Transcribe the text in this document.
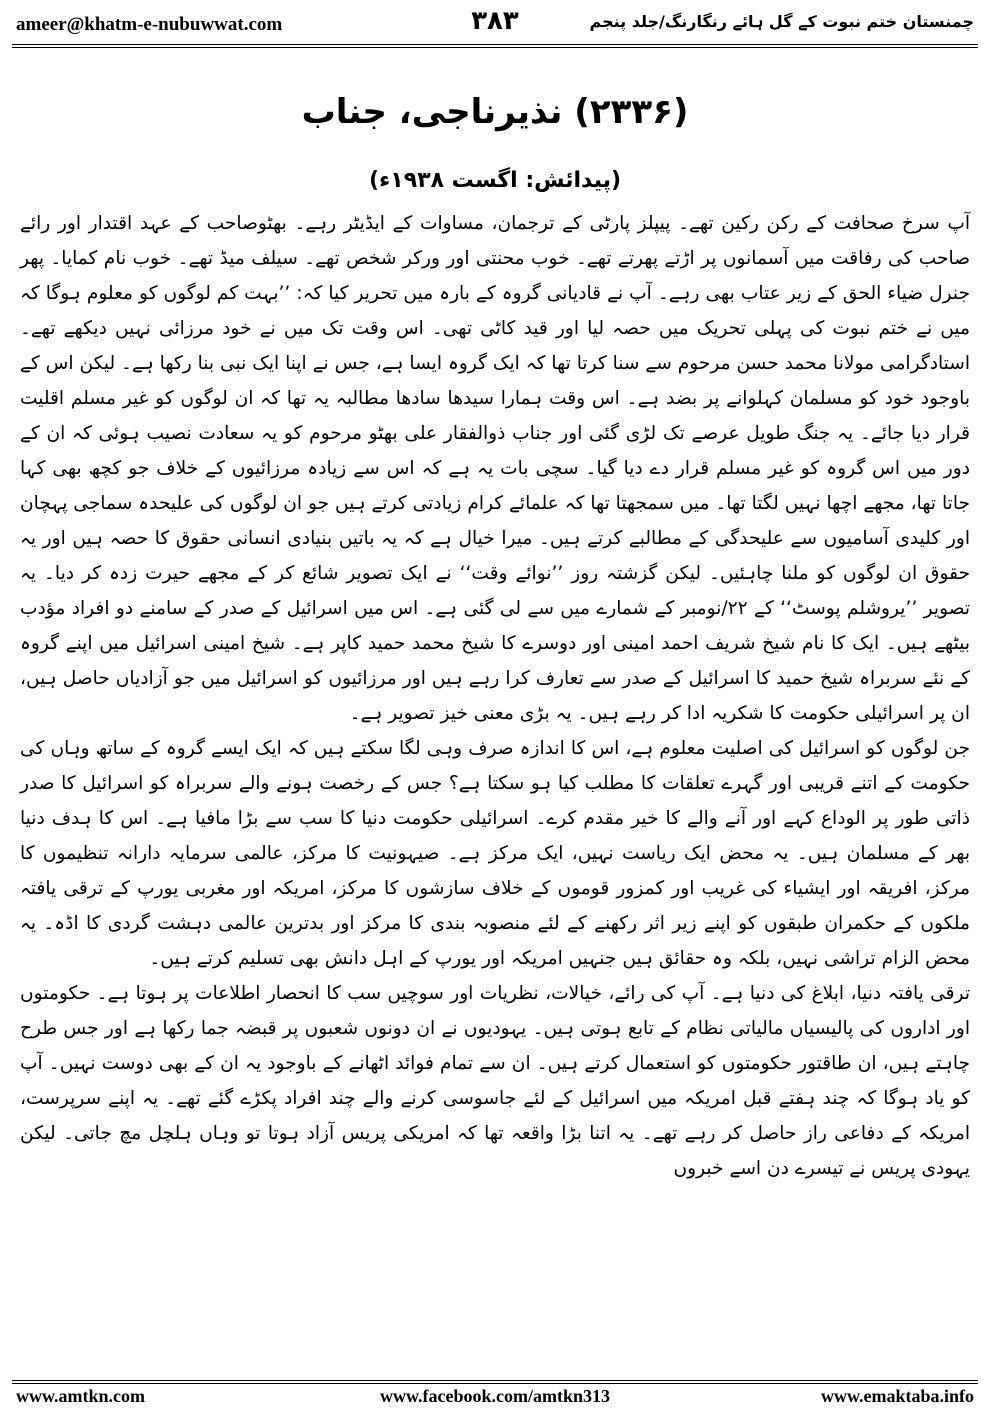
ameer@khatm-e-nubuwwat.com	۳۸۳	چمنستان ختم نبوت کے گل ہائے رنگارنگ/جلد پنجم
(۲۳۳۶) نذیرناجی، جناب
(پیدائش: اگست ۱۹۳۸ء)

آپ سرخ صحافت کے رکن رکین تھے۔ پیپلز پارٹی کے ترجمان، مساوات کے ایڈیٹر رہے۔ بھٹوصاحب کے عہد اقتدار اور رائے صاحب کی رفاقت میں آسمانوں پر اڑتے پھرتے تھے۔ خوب محنتی اور ورکر شخص تھے۔ سیلف میڈ تھے۔ خوب نام کمایا۔ پھر جنرل ضیاء الحق کے زیر عتاب بھی رہے۔ آپ نے قادیانی گروہ کے بارہ میں تحریر کیا کہ: ’’بہت کم لوگوں کو معلوم ہوگا کہ میں نے ختم نبوت کی پہلی تحریک میں حصہ لیا اور قید کاٹی تھی۔ اس وقت تک میں نے خود مرزائی نہیں دیکھے تھے۔ استادگرامی مولانا محمد حسن مرحوم سے سنا کرتا تھا کہ ایک گروہ ایسا ہے، جس نے اپنا ایک نبی بنا رکھا ہے۔ لیکن اس کے باوجود خود کو مسلمان کہلوانے پر بضد ہے۔ اس وقت ہمارا سیدھا سادھا مطالبہ یہ تھا کہ ان لوگوں کو غیر مسلم اقلیت قرار دیا جائے۔ یہ جنگ طویل عرصے تک لڑی گئی اور جناب ذوالفقار علی بھٹو مرحوم کو یہ سعادت نصیب ہوئی کہ ان کے دور میں اس گروہ کو غیر مسلم قرار دے دیا گیا۔ سچی بات یہ ہے کہ اس سے زیادہ مرزائیوں کے خلاف جو کچھ بھی کہا جاتا تھا، مجھے اچھا نہیں لگتا تھا۔ میں سمجھتا تھا کہ علمائے کرام زیادتی کرتے ہیں جو ان لوگوں کی علیحدہ سماجی پہچان اور کلیدی آسامیوں سے علیحدگی کے مطالبے کرتے ہیں۔ میرا خیال ہے کہ یہ باتیں بنیادی انسانی حقوق کا حصہ ہیں اور یہ حقوق ان لوگوں کو ملنا چاہئیں۔ لیکن گزشتہ روز ’’نوائے وقت‘‘ نے ایک تصویر شائع کر کے مجھے حیرت زدہ کر دیا۔ یہ تصویر ’’یروشلم پوسٹ‘‘ کے ۲۲/نومبر کے شمارے میں سے لی گئی ہے۔ اس میں اسرائیل کے صدر کے سامنے دو افراد مؤدب بیٹھے ہیں۔ ایک کا نام شیخ شریف احمد امینی اور دوسرے کا شیخ محمد حمید کاپر ہے۔ شیخ امینی اسرائیل میں اپنے گروہ کے نئے سربراہ شیخ حمید کا اسرائیل کے صدر سے تعارف کرا رہے ہیں اور مرزائیوں کو اسرائیل میں جو آزادیاں حاصل ہیں، ان پر اسرائیلی حکومت کا شکریہ ادا کر رہے ہیں۔ یہ بڑی معنی خیز تصویر ہے۔

جن لوگوں کو اسرائیل کی اصلیت معلوم ہے، اس کا اندازہ صرف وہی لگا سکتے ہیں کہ ایک ایسے گروہ کے ساتھ وہاں کی حکومت کے اتنے قریبی اور گہرے تعلقات کا مطلب کیا ہو سکتا ہے؟ جس کے رخصت ہونے والے سربراہ کو اسرائیل کا صدر ذاتی طور پر الوداع کہے اور آنے والے کا خیر مقدم کرے۔ اسرائیلی حکومت دنیا کا سب سے بڑا مافیا ہے۔ اس کا ہدف دنیا بھر کے مسلمان ہیں۔ یہ محض ایک ریاست نہیں، ایک مرکز ہے۔ صیہونیت کا مرکز، عالمی سرمایہ دارانہ تنظیموں کا مرکز، افریقہ اور ایشیاء کی غریب اور کمزور قوموں کے خلاف سازشوں کا مرکز، امریکہ اور مغربی یورپ کے ترقی یافتہ ملکوں کے حکمران طبقوں کو اپنے زیر اثر رکھنے کے لئے منصوبہ بندی کا مرکز اور بدترین عالمی دہشت گردی کا اڈہ۔ یہ محض الزام تراشی نہیں، بلکہ وہ حقائق ہیں جنہیں امریکہ اور یورپ کے اہل دانش بھی تسلیم کرتے ہیں۔

ترقی یافتہ دنیا، ابلاغ کی دنیا ہے۔ آپ کی رائے، خیالات، نظریات اور سوچیں سب کا انحصار اطلاعات پر ہوتا ہے۔ حکومتوں اور اداروں کی پالیسیاں مالیاتی نظام کے تابع ہوتی ہیں۔ یہودیوں نے ان دونوں شعبوں پر قبضہ جما رکھا ہے اور جس طرح چاہتے ہیں، ان طاقتور حکومتوں کو استعمال کرتے ہیں۔ ان سے تمام فوائد اٹھانے کے باوجود یہ ان کے بھی دوست نہیں۔ آپ کو یاد ہوگا کہ چند ہفتے قبل امریکہ میں اسرائیل کے لئے جاسوسی کرنے والے چند افراد پکڑے گئے تھے۔ یہ اپنے سرپرست، امریکہ کے دفاعی راز حاصل کر رہے تھے۔ یہ اتنا بڑا واقعہ تھا کہ امریکی پریس آزاد ہوتا تو وہاں ہلچل مچ جاتی۔ لیکن یہودی پریس نے تیسرے دن اسے خبروں

www.amtkn.com	www.facebook.com/amtkn313	www.emaktaba.info
